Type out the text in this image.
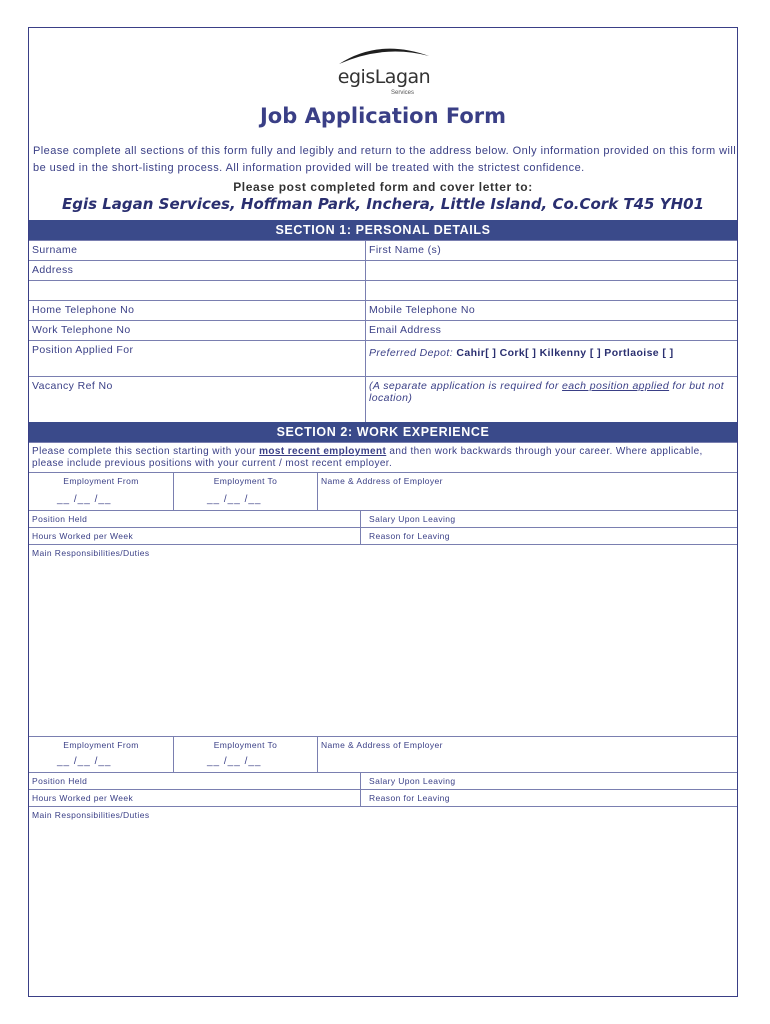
egisLagan
Services
Job Application Form
Please complete all sections of this form fully and legibly and return to the address below. Only information provided on this form will be used in the short-listing process. All information provided will be treated with the strictest confidence.
Please post completed form and cover letter to:
Egis Lagan Services, Hoffman Park, Inchera, Little Island, Co.Cork T45 YH01
SECTION 1: PERSONAL DETAILS
Surname	First Name (s)
Address
Home Telephone No	Mobile Telephone No
Work Telephone No	Email Address
Position Applied For	Preferred Depot: Cahir[ ] Cork[ ] Kilkenny [ ] Portlaoise [ ]
Vacancy Ref No	(A separate application is required for each position applied for but not location)
SECTION 2: WORK EXPERIENCE
Please complete this section starting with your most recent employment and then work backwards through your career. Where applicable, please include previous positions with your current / most recent employer.
Employment From	Employment To	Name & Address of Employer
__ /__ /__	__ /__ /__
Position Held	Salary Upon Leaving
Hours Worked per Week	Reason for Leaving
Main Responsibilities/Duties
Employment From	Employment To	Name & Address of Employer
__ /__ /__	__ /__ /__
Position Held	Salary Upon Leaving
Hours Worked per Week	Reason for Leaving
Main Responsibilities/Duties
